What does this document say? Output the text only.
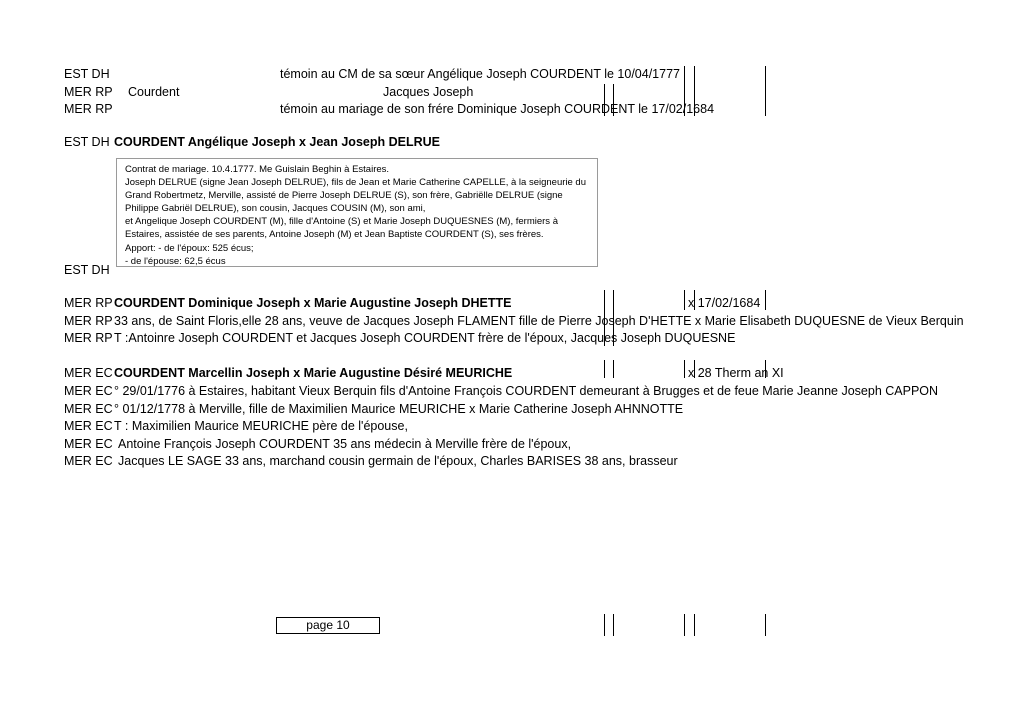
EST DH	témoin au CM de sa sœur Angélique Joseph COURDENT le 10/04/1777
MER RP Courdent	Jacques Joseph
MER RP	témoin au mariage de son frére Dominique Joseph COURDENT le 17/02/1684
EST DH COURDENT Angélique Joseph x Jean Joseph DELRUE
Contrat de mariage. 10.4.1777. Me Guislain Beghin à Estaires.
Joseph DELRUE (signe Jean Joseph DELRUE), fils de Jean et Marie Catherine CAPELLE, à la seigneurie du
Grand Robertmetz, Merville, assisté de Pierre Joseph DELRUE (S), son frère, Gabriëlle DELRUE (signe
Philippe Gabriël DELRUE), son cousin, Jacques COUSIN (M), son ami,
et Angelique Joseph COURDENT (M), fille d'Antoine (S) et Marie Joseph DUQUESNES (M), fermiers à
Estaires, assistée de ses parents, Antoine Joseph (M) et Jean Baptiste COURDENT (S), ses frères.
Apport: - de l'époux: 525 écus;
- de l'épouse: 62,5 écus
EST DH
MER RP COURDENT Dominique Joseph x Marie Augustine Joseph DHETTE	x 17/02/1684
MER RP 33 ans, de Saint Floris,elle 28 ans, veuve de Jacques Joseph FLAMENT fille de Pierre Joseph D'HETTE x Marie Elisabeth DUQUESNE de Vieux Berquin
MER RP T :Antoinre Joseph COURDENT et Jacques Joseph COURDENT frère de l'époux, Jacques Joseph DUQUESNE
MER EC COURDENT Marcellin Joseph x Marie Augustine Désiré MEURICHE	x 28 Therm an XI
MER EC ° 29/01/1776 à Estaires, habitant Vieux Berquin fils d'Antoine François COURDENT demeurant à Brugges et de feue Marie Jeanne Joseph CAPPON
MER EC ° 01/12/1778 à Merville, fille de Maximilien Maurice MEURICHE x Marie Catherine Joseph AHNNOTTE
MER EC T : Maximilien Maurice MEURICHE père de l'épouse,
MER EC Antoine François Joseph COURDENT 35 ans médecin à Merville frère de l'époux,
MER EC Jacques LE SAGE 33 ans, marchand cousin germain de l'époux, Charles BARISES 38 ans, brasseur
page 10
